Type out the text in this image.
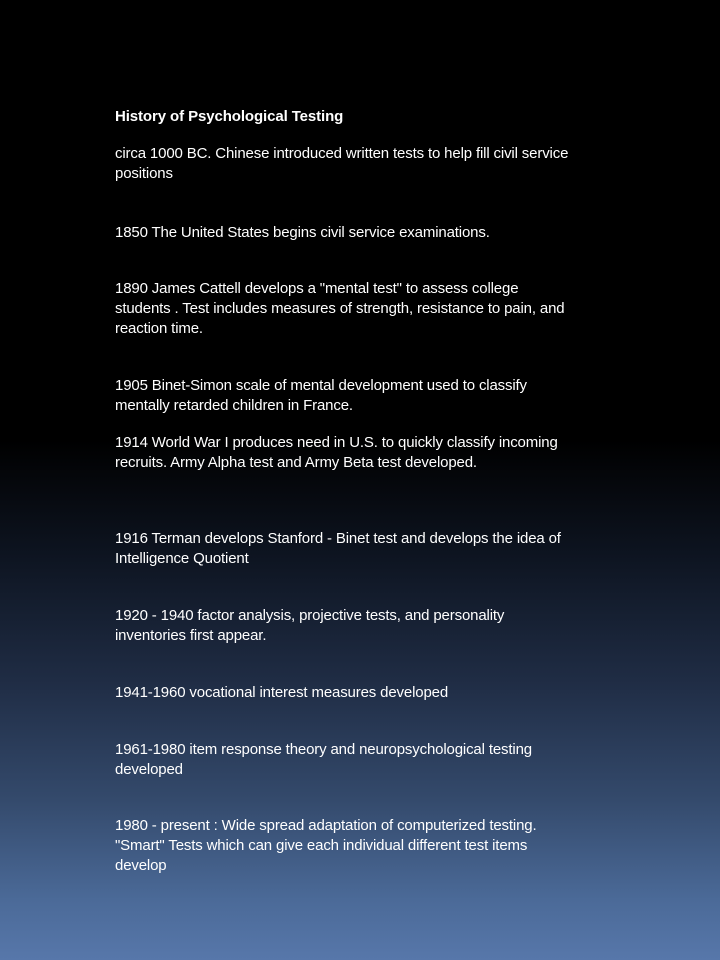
History of Psychological Testing
circa 1000 BC. Chinese introduced written tests to help fill civil service positions
1850 The United States begins civil service examinations.
1890 James Cattell develops a "mental test" to assess college students . Test includes measures of strength, resistance to pain, and reaction time.
1905 Binet-Simon scale of mental development used to classify mentally retarded children in France.
1914 World War I produces need in U.S. to quickly classify incoming recruits. Army Alpha test and Army Beta test developed.
1916 Terman develops Stanford - Binet test and develops the idea of Intelligence Quotient
1920 - 1940 factor analysis, projective tests, and personality inventories first appear.
1941-1960 vocational interest measures developed
1961-1980 item response theory and neuropsychological testing developed
1980 - present : Wide spread adaptation of computerized testing. "Smart" Tests which can give each individual different test items develop
